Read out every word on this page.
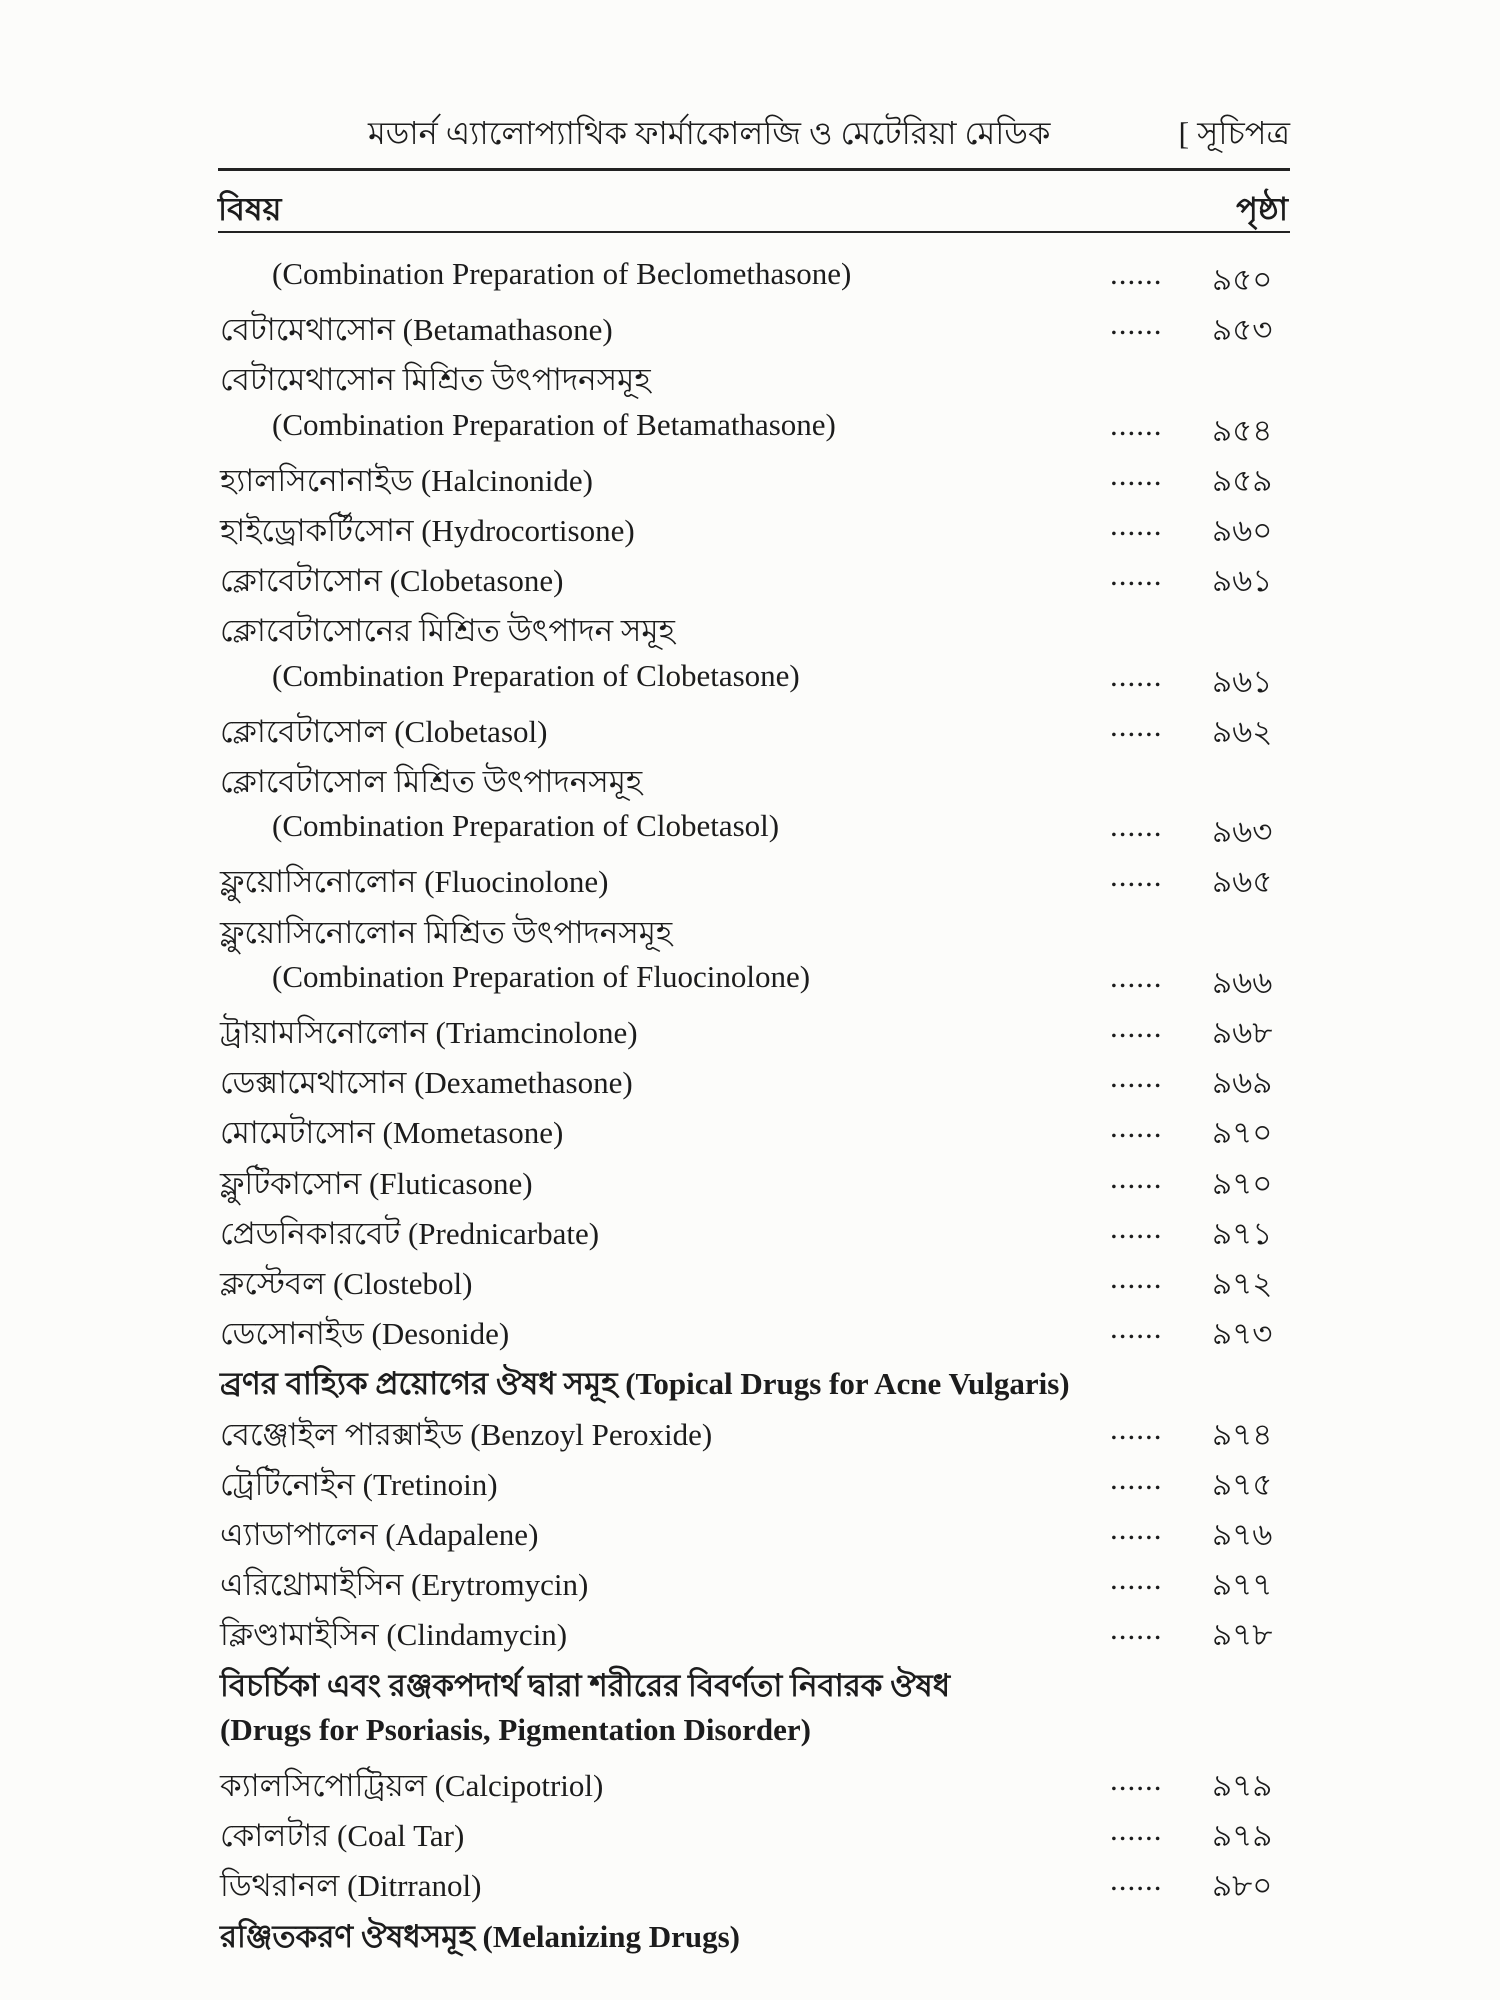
মডার্ন এ্যালোপ্যাথিক ফার্মাকোলজি ও মেটেরিয়া মেডিক	[ সূচিপত্র
বিষয়	পৃষ্ঠা
(Combination Preparation of Beclomethasone)	...... ৯৫০
বেটামেথাসোন (Betamathasone)	...... ৯৫৩
বেটামেথাসোন মিশ্রিত উৎপাদনসমূহ
(Combination Preparation of Betamathasone)	...... ৯৫৪
হ্যালসিনোনাইড (Halcinonide)	...... ৯৫৯
হাইড্রোকর্টিসোন (Hydrocortisone)	...... ৯৬০
ক্লোবেটাসোন (Clobetasone)	...... ৯৬১
ক্লোবেটাসোনের মিশ্রিত উৎপাদন সমূহ
(Combination Preparation of Clobetasone)	...... ৯৬১
ক্লোবেটাসোল (Clobetasol)	...... ৯৬২
ক্লোবেটাসোল মিশ্রিত উৎপাদনসমূহ
(Combination Preparation of Clobetasol)	...... ৯৬৩
ফ্লুয়োসিনোলোন (Fluocinolone)	...... ৯৬৫
ফ্লুয়োসিনোলোন মিশ্রিত উৎপাদনসমূহ
(Combination Preparation of Fluocinolone)	...... ৯৬৬
ট্রায়ামসিনোলোন (Triamcinolone)	...... ৯৬৮
ডেক্সামেথাসোন (Dexamethasone)	...... ৯৬৯
মোমেটাসোন (Mometasone)	...... ৯৭০
ফ্লুটিকাসোন (Fluticasone)	...... ৯৭০
প্রেডনিকারবেট (Prednicarbate)	...... ৯৭১
ক্লস্টেবল (Clostebol)	...... ৯৭২
ডেসোনাইড (Desonide)	...... ৯৭৩
ব্রণর বাহ্যিক প্রয়োগের ঔষধ সমূহ (Topical Drugs for Acne Vulgaris)
বেঞ্জোইল পারক্সাইড (Benzoyl Peroxide)	...... ৯৭৪
ট্রেটিনোইন (Tretinoin)	...... ৯৭৫
এ্যাডাপালেন (Adapalene)	...... ৯৭৬
এরিথ্রোমাইসিন (Erytromycin)	...... ৯৭৭
ক্লিণ্ডামাইসিন (Clindamycin)	...... ৯৭৮
বিচর্চিকা এবং রঞ্জকপদার্থ দ্বারা শরীরের বিবর্ণতা নিবারক ঔষধ
(Drugs for Psoriasis, Pigmentation Disorder)
ক্যালসিপোট্রিয়ল (Calcipotriol)	...... ৯৭৯
কোলটার (Coal Tar)	...... ৯৭৯
ডিথরানল (Ditrranol)	...... ৯৮০
রঞ্জিতকরণ ঔষধসমূহ (Melanizing Drugs)
